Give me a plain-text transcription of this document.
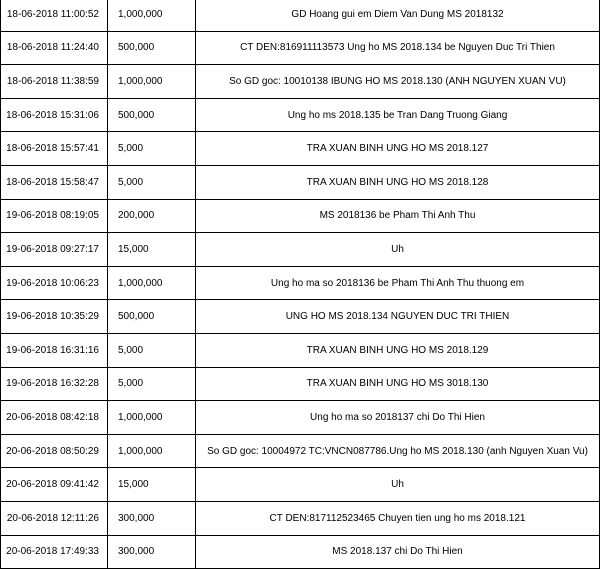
18-06-2018 11:00:52	1,000,000	GD Hoang gui em Diem Van Dung MS 2018132
18-06-2018 11:24:40	500,000	CT DEN:816911113573 Ung ho MS 2018.134 be Nguyen Duc Tri Thien
18-06-2018 11:38:59	1,000,000	So GD goc: 10010138 IBUNG HO MS 2018.130 (ANH NGUYEN XUAN VU)
18-06-2018 15:31:06	500,000	Ung ho ms 2018.135 be Tran Dang Truong Giang
18-06-2018 15:57:41	5,000	TRA XUAN BINH UNG HO MS 2018.127
18-06-2018 15:58:47	5,000	TRA XUAN BINH UNG HO MS 2018.128
19-06-2018 08:19:05	200,000	MS 2018136 be Pham Thi Anh Thu
19-06-2018 09:27:17	15,000	Uh
19-06-2018 10:06:23	1,000,000	Ung ho ma so 2018136 be Pham Thi Anh Thu thuong em
19-06-2018 10:35:29	500,000	UNG HO MS 2018.134 NGUYEN DUC TRI THIEN
19-06-2018 16:31:16	5,000	TRA XUAN BINH UNG HO MS 2018.129
19-06-2018 16:32:28	5,000	TRA XUAN BINH UNG HO MS 3018.130
20-06-2018 08:42:18	1,000,000	Ung ho ma so 2018137 chi Do Thi Hien
20-06-2018 08:50:29	1,000,000	So GD goc: 10004972 TC:VNCN087786.Ung ho MS 2018.130 (anh Nguyen Xuan Vu)
20-06-2018 09:41:42	15,000	Uh
20-06-2018 12:11:26	300,000	CT DEN:817112523465 Chuyen tien ung ho ms 2018.121
20-06-2018 17:49:33	300,000	MS 2018.137 chi Do Thi Hien
